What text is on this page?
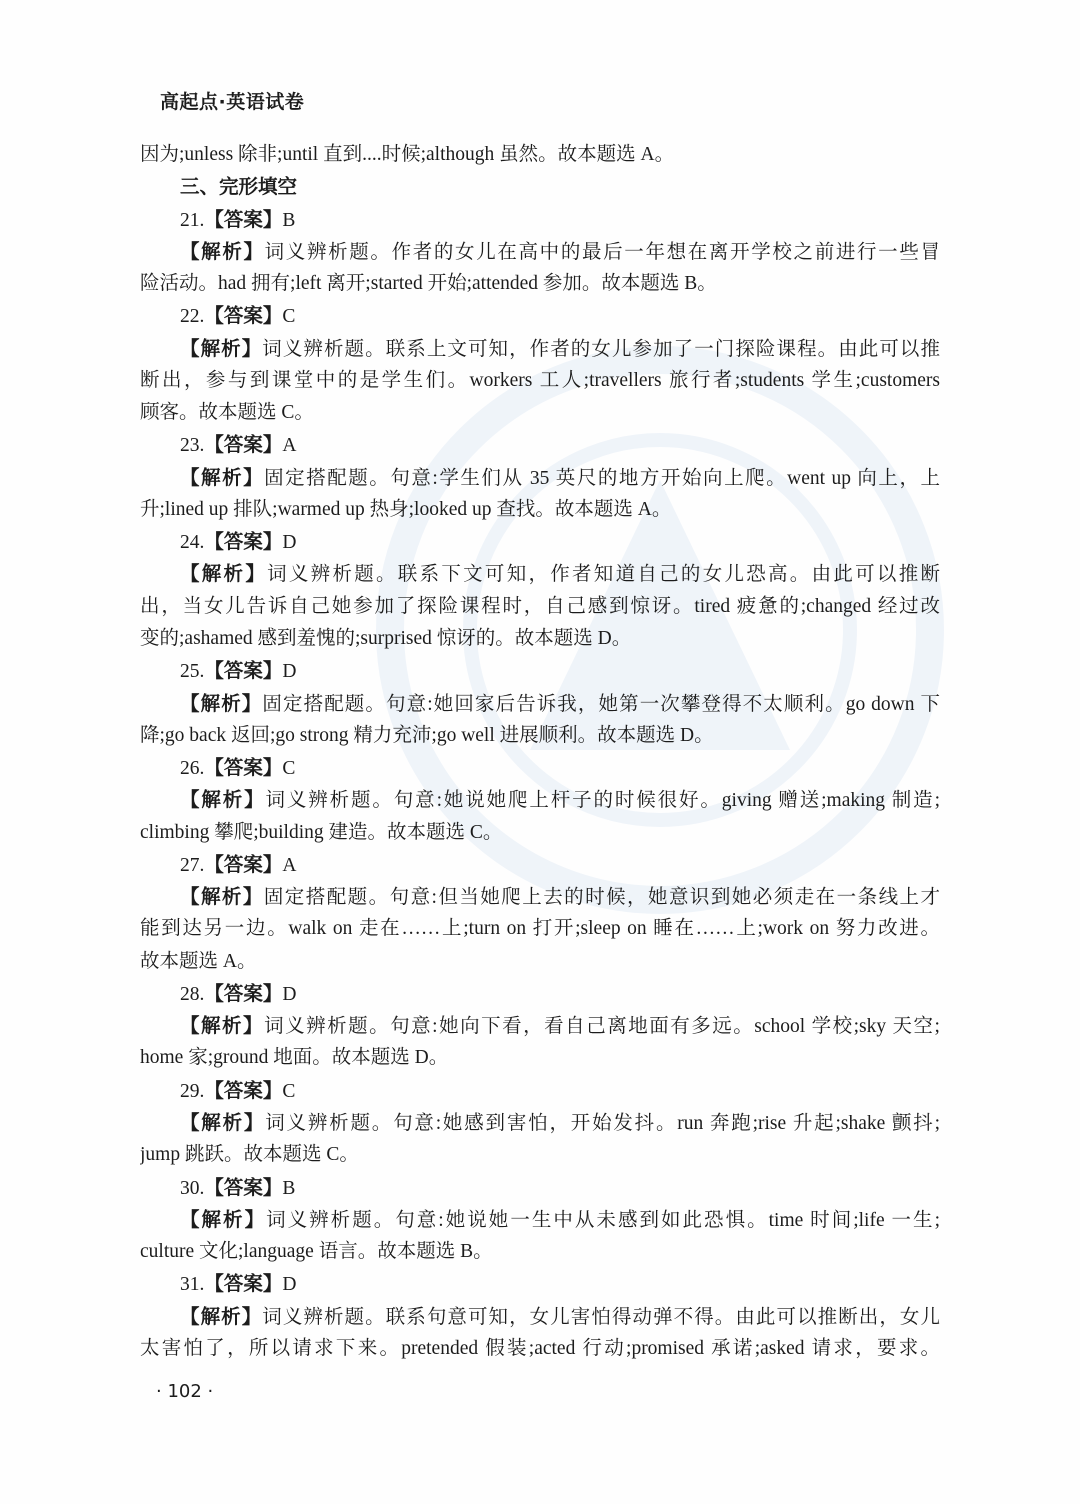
高起点·英语试卷
因为;unless 除非;until 直到....时候;although 虽然。故本题选 A。
三、完形填空
21.【答案】B
【解析】词义辨析题。作者的女儿在高中的最后一年想在离开学校之前进行一些冒
险活动。had 拥有;left 离开;started 开始;attended 参加。故本题选 B。
22.【答案】C
【解析】词义辨析题。联系上文可知，作者的女儿参加了一门探险课程。由此可以推
断出，参与到课堂中的是学生们。workers 工人;travellers 旅行者;students 学生;customers
顾客。故本题选 C。
23.【答案】A
【解析】固定搭配题。句意:学生们从 35 英尺的地方开始向上爬。went up 向上，上
升;lined up 排队;warmed up 热身;looked up 查找。故本题选 A。
24.【答案】D
【解析】词义辨析题。联系下文可知，作者知道自己的女儿恐高。由此可以推断
出，当女儿告诉自己她参加了探险课程时，自己感到惊讶。tired 疲惫的;changed 经过改
变的;ashamed 感到羞愧的;surprised 惊讶的。故本题选 D。
25.【答案】D
【解析】固定搭配题。句意:她回家后告诉我，她第一次攀登得不太顺利。go down 下
降;go back 返回;go strong 精力充沛;go well 进展顺利。故本题选 D。
26.【答案】C
【解析】词义辨析题。句意:她说她爬上杆子的时候很好。giving 赠送;making 制造;
climbing 攀爬;building 建造。故本题选 C。
27.【答案】A
【解析】固定搭配题。句意:但当她爬上去的时候，她意识到她必须走在一条线上才
能到达另一边。walk on 走在……上;turn on 打开;sleep on 睡在……上;work on 努力改进。
故本题选 A。
28.【答案】D
【解析】词义辨析题。句意:她向下看，看自己离地面有多远。school 学校;sky 天空;
home 家;ground 地面。故本题选 D。
29.【答案】C
【解析】词义辨析题。句意:她感到害怕，开始发抖。run 奔跑;rise 升起;shake 颤抖;
jump 跳跃。故本题选 C。
30.【答案】B
【解析】词义辨析题。句意:她说她一生中从未感到如此恐惧。time 时间;life 一生;
culture 文化;language 语言。故本题选 B。
31.【答案】D
【解析】词义辨析题。联系句意可知，女儿害怕得动弹不得。由此可以推断出，女儿
太害怕了，所以请求下来。pretended 假装;acted 行动;promised 承诺;asked 请求，要求。
· 102 ·
